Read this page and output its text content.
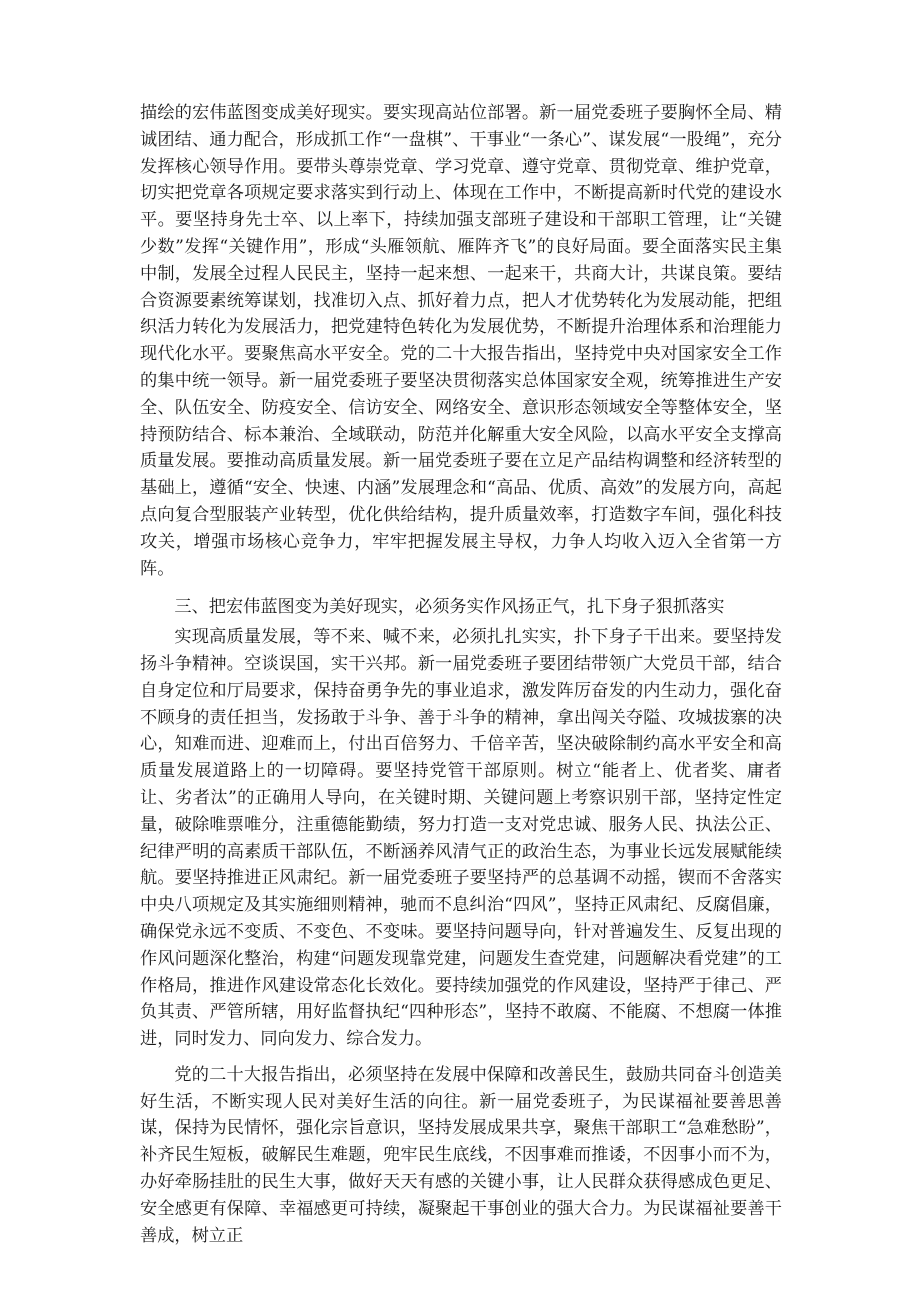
描绘的宏伟蓝图变成美好现实。要实现高站位部署。新一届党委班子要胸怀全局、精诚团结、通力配合，形成抓工作“一盘棋”、干事业“一条心”、谋发展“一股绳”，充分发挥核心领导作用。要带头尊崇党章、学习党章、遵守党章、贯彻党章、维护党章，切实把党章各项规定要求落实到行动上、体现在工作中，不断提高新时代党的建设水平。要坚持身先士卒、以上率下，持续加强支部班子建设和干部职工管理，让“关键少数”发挥“关键作用”，形成“头雁领航、雁阵齐飞”的良好局面。要全面落实民主集中制，发展全过程人民民主，坚持一起来想、一起来干，共商大计，共谋良策。要结合资源要素统筹谋划，找准切入点、抓好着力点，把人才优势转化为发展动能，把组织活力转化为发展活力，把党建特色转化为发展优势，不断提升治理体系和治理能力现代化水平。要聚焦高水平安全。党的二十大报告指出，坚持党中央对国家安全工作的集中统一领导。新一届党委班子要坚决贯彻落实总体国家安全观，统筹推进生产安全、队伍安全、防疫安全、信访安全、网络安全、意识形态领域安全等整体安全，坚持预防结合、标本兼治、全域联动，防范并化解重大安全风险，以高水平安全支撑高质量发展。要推动高质量发展。新一届党委班子要在立足产品结构调整和经济转型的基础上，遵循“安全、快速、内涵”发展理念和“高品、优质、高效”的发展方向，高起点向复合型服装产业转型，优化供给结构，提升质量效率，打造数字车间，强化科技攻关，增强市场核心竞争力，牢牢把握发展主导权，力争人均收入迈入全省第一方阵。

三、把宏伟蓝图变为美好现实，必须务实作风扬正气，扎下身子狠抓落实

实现高质量发展，等不来、喊不来，必须扎扎实实，扑下身子干出来。要坚持发扬斗争精神。空谈误国，实干兴邦。新一届党委班子要团结带领广大党员干部，结合自身定位和厅局要求，保持奋勇争先的事业追求，激发阵厉奋发的内生动力，强化奋不顾身的责任担当，发扬敢于斗争、善于斗争的精神，拿出闯关夺隘、攻城拔寨的决心，知难而进、迎难而上，付出百倍努力、千倍辛苦，坚决破除制约高水平安全和高质量发展道路上的一切障碍。要坚持党管干部原则。树立“能者上、优者奖、庸者让、劣者汰”的正确用人导向，在关键时期、关键问题上考察识别干部，坚持定性定量，破除唯票唯分，注重德能勤绩，努力打造一支对党忠诚、服务人民、执法公正、纪律严明的高素质干部队伍，不断涵养风清气正的政治生态，为事业长远发展赋能续航。要坚持推进正风肃纪。新一届党委班子要坚持严的总基调不动摇，锲而不舍落实中央八项规定及其实施细则精神，驰而不息纠治“四风”，坚持正风肃纪、反腐倡廉，确保党永远不变质、不变色、不变味。要坚持问题导向，针对普遍发生、反复出现的作风问题深化整治，构建“问题发现靠党建，问题发生查党建，问题解决看党建”的工作格局，推进作风建设常态化长效化。要持续加强党的作风建设，坚持严于律己、严负其责、严管所辖，用好监督执纪“四种形态”，坚持不敢腐、不能腐、不想腐一体推进，同时发力、同向发力、综合发力。

党的二十大报告指出，必须坚持在发展中保障和改善民生，鼓励共同奋斗创造美好生活，不断实现人民对美好生活的向往。新一届党委班子，为民谋福祉要善思善谋，保持为民情怀，强化宗旨意识，坚持发展成果共享，聚焦干部职工“急难愁盼”，补齐民生短板，破解民生难题，兜牢民生底线，不因事难而推诿，不因事小而不为，办好牵肠挂肚的民生大事，做好天天有感的关键小事，让人民群众获得感成色更足、安全感更有保障、幸福感更可持续，凝聚起干事创业的强大合力。为民谋福祉要善干善成，树立正
